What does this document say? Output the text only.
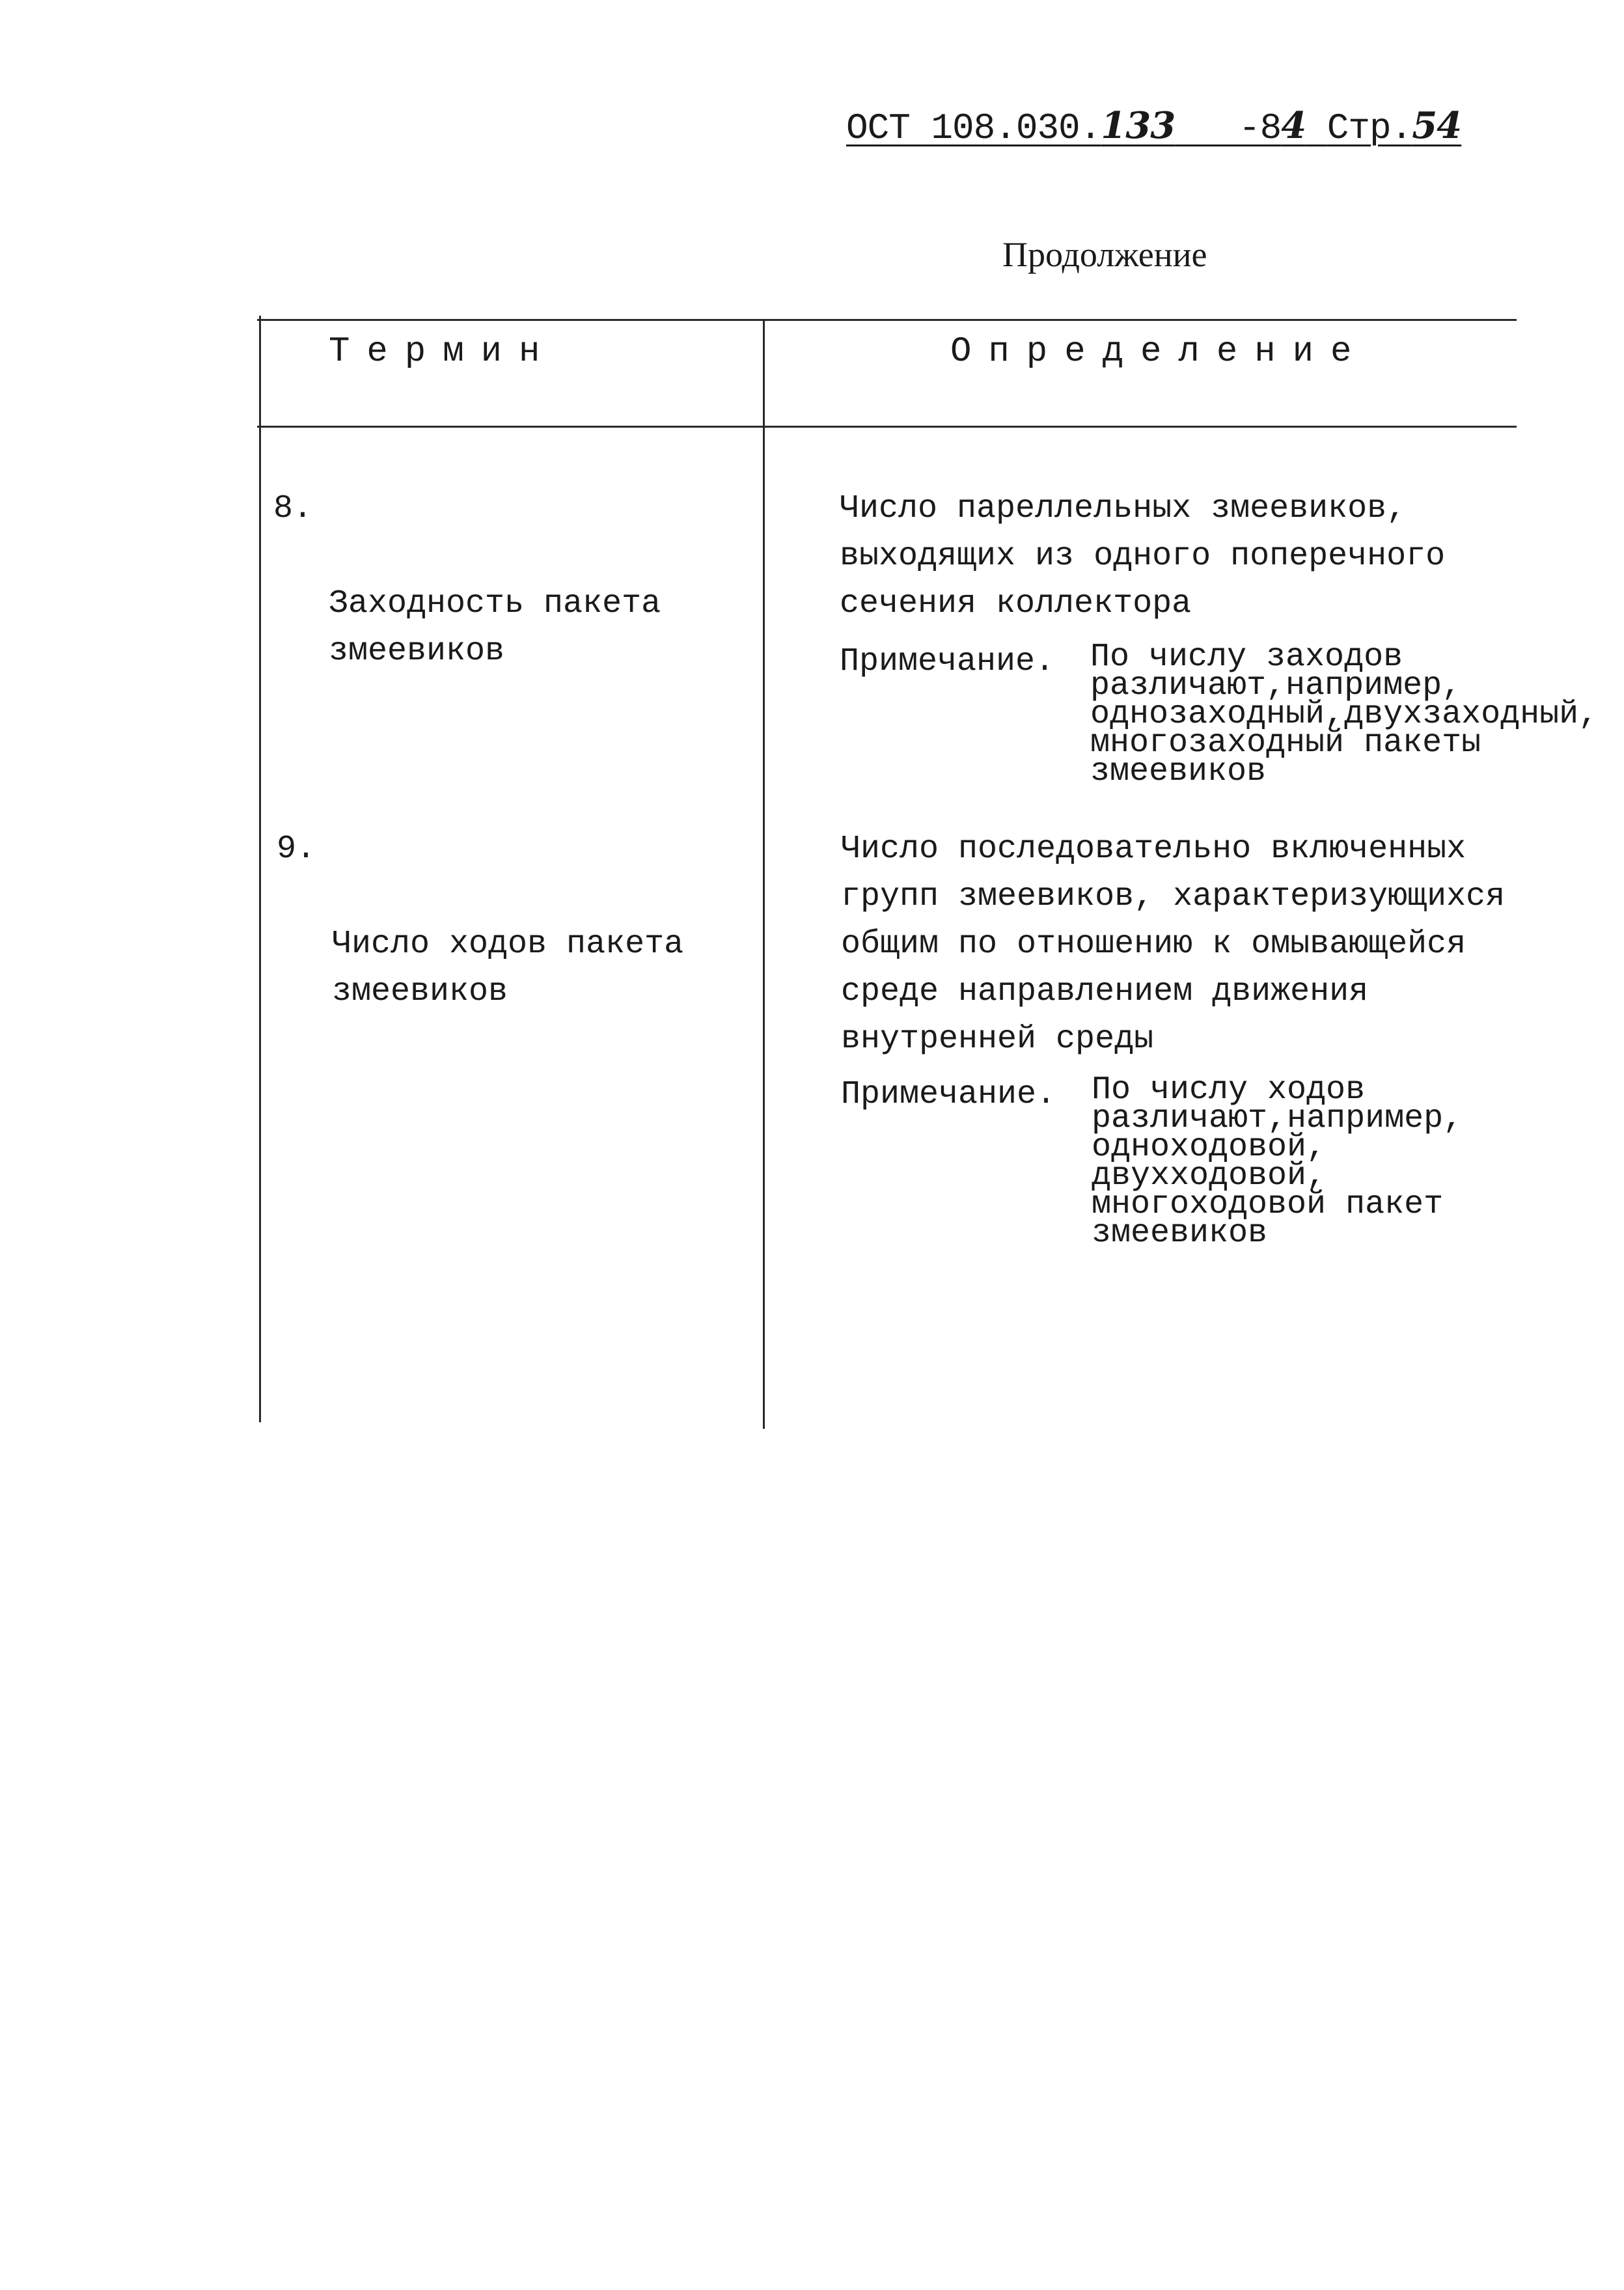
ОСТ 108.030.133 -84 Стр.54
Продолжение
Термин	Определение

8.

Заходность пакета
змеевиков

Число пареллельных змеевиков, выходящих из одного поперечного сечения коллектора
Примечание. По числу заходов различают,например, однозаходный,двухзаходный, многозаходный пакеты змеевиков

9.

Число ходов пакета
змеевиков

Число последовательно включенных групп змеевиков, характеризующихся общим по отношению к омывающейся среде направлением движения внутренней среды
Примечание. По числу ходов различают,например, одноходовой, двухходовой, многоходовой пакет змеевиков
